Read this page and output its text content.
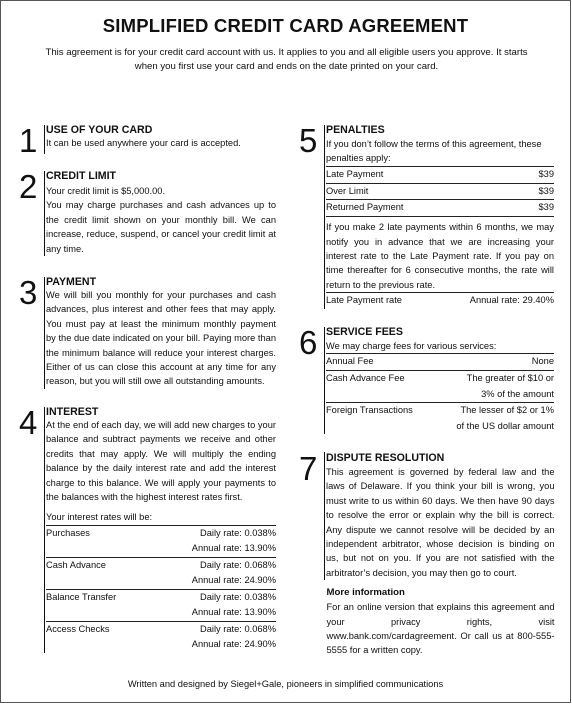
SIMPLIFIED CREDIT CARD AGREEMENT
This agreement is for your credit card account with us. It applies to you and all eligible users you approve. It starts when you first use your card and ends on the date printed on your card.
1 USE OF YOUR CARD
It can be used anywhere your card is accepted.
2 CREDIT LIMIT
Your credit limit is $5,000.00.
You may charge purchases and cash advances up to the credit limit shown on your monthly bill. We can increase, reduce, suspend, or cancel your credit limit at any time.
3 PAYMENT
We will bill you monthly for your purchases and cash advances, plus interest and other fees that may apply. You must pay at least the minimum monthly payment by the due date indicated on your bill. Paying more than the minimum balance will reduce your interest charges. Either of us can close this account at any time for any reason, but you will still owe all outstanding amounts.
4 INTEREST
At the end of each day, we will add new charges to your balance and subtract payments we receive and other credits that may apply. We will multiply the ending balance by the daily interest rate and add the interest charge to this balance. We will apply your payments to the balances with the highest interest rates first.
Your interest rates will be:
Purchases	Daily rate: 0.038%
Annual rate: 13.90%
Cash Advance	Daily rate: 0.068%
Annual rate: 24.90%
Balance Transfer	Daily rate: 0.038%
Annual rate: 13.90%
Access Checks	Daily rate: 0.068%
Annual rate: 24.90%
5 PENALTIES
If you don’t follow the terms of this agreement, these penalties apply:
Late Payment	$39
Over Limit	$39
Returned Payment	$39
If you make 2 late payments within 6 months, we may notify you in advance that we are increasing your interest rate to the Late Payment rate. If you pay on time thereafter for 6 consecutive months, the rate will return to the previous rate.
Late Payment rate	Annual rate: 29.40%
6 SERVICE FEES
We may charge fees for various services:
Annual Fee	None
Cash Advance Fee	The greater of $10 or
3% of the amount
Foreign Transactions	The lesser of $2 or 1%
of the US dollar amount
7 DISPUTE RESOLUTION
This agreement is governed by federal law and the laws of Delaware. If you think your bill is wrong, you must write to us within 60 days. We then have 90 days to resolve the error or explain why the bill is correct. Any dispute we cannot resolve will be decided by an independent arbitrator, whose decision is binding on us, but not on you. If you are not satisfied with the arbitrator’s decision, you may then go to court.
More information
For an online version that explains this agreement and your privacy rights, visit www.bank.com/cardagreement. Or call us at 800-555-5555 for a written copy.
Written and designed by Siegel+Gale, pioneers in simplified communications
